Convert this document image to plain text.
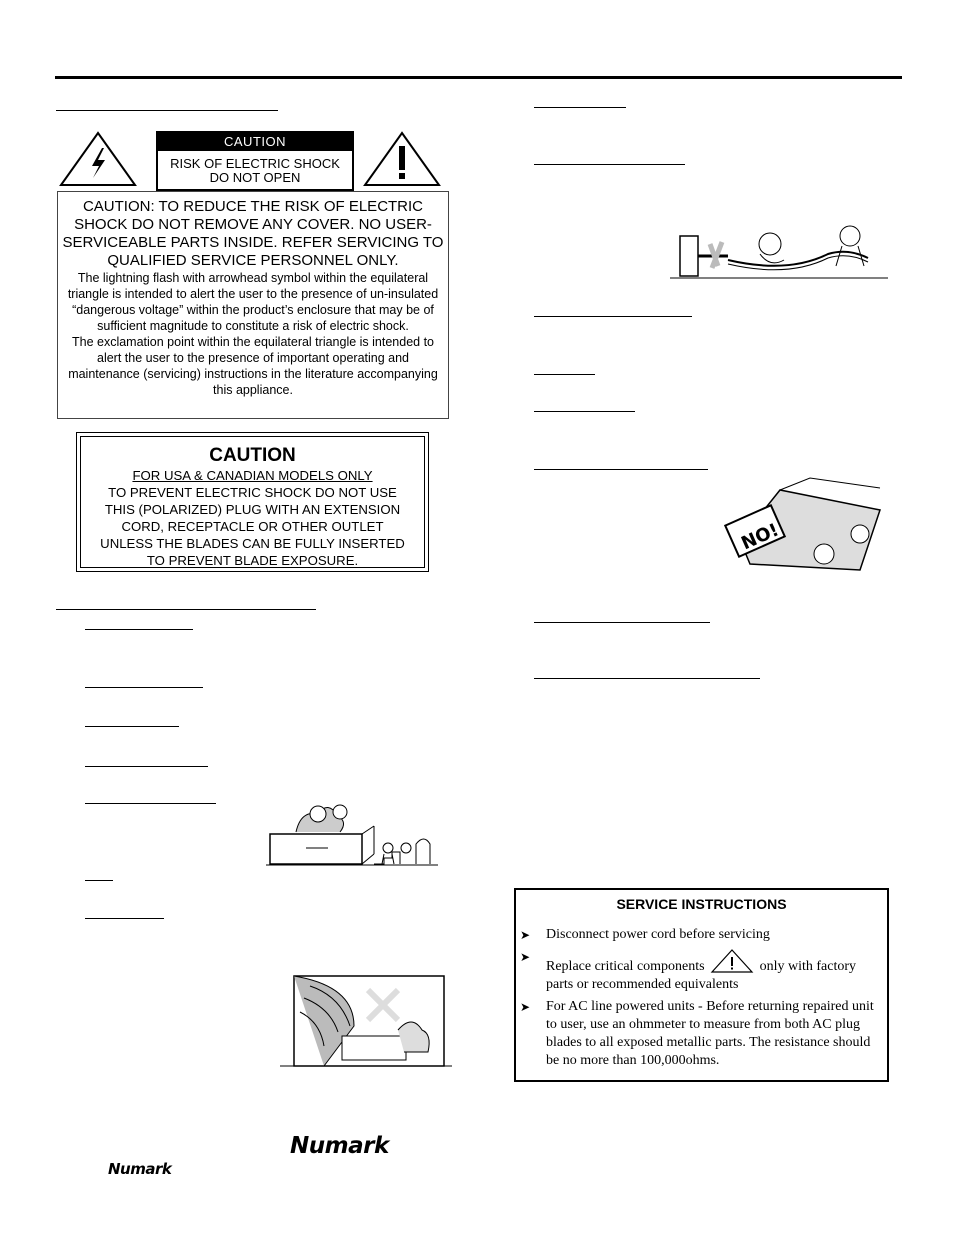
CAUTION
RISK OF ELECTRIC SHOCK
DO NOT OPEN
CAUTION: TO REDUCE THE RISK OF ELECTRIC SHOCK DO NOT REMOVE ANY COVER. NO USER-SERVICEABLE PARTS INSIDE. REFER SERVICING TO QUALIFIED SERVICE PERSONNEL ONLY.
The lightning flash with arrowhead symbol within the equilateral triangle is intended to alert the user to the presence of un-insulated “dangerous voltage” within the product’s enclosure that may be of sufficient magnitude to constitute a risk of electric shock.
The exclamation point within the equilateral triangle is intended to alert the user to the presence of important operating and maintenance (servicing) instructions in the literature accompanying this appliance.
CAUTION
FOR USA & CANADIAN MODELS ONLY
TO PREVENT ELECTRIC SHOCK DO NOT USE
THIS (POLARIZED) PLUG WITH AN EXTENSION
CORD, RECEPTACLE OR OTHER OUTLET
UNLESS THE BLADES CAN BE FULLY INSERTED
TO PREVENT BLADE EXPOSURE.
NO!
SERVICE INSTRUCTIONS
➤ Disconnect power cord before servicing
➤
Replace critical components	only with factory parts or recommended equivalents
➤ For AC line powered units - Before returning repaired unit to user, use an ohmmeter to measure from both AC plug blades to all exposed metallic parts. The resistance should be no more than 100,000ohms.
Numark
Numark
